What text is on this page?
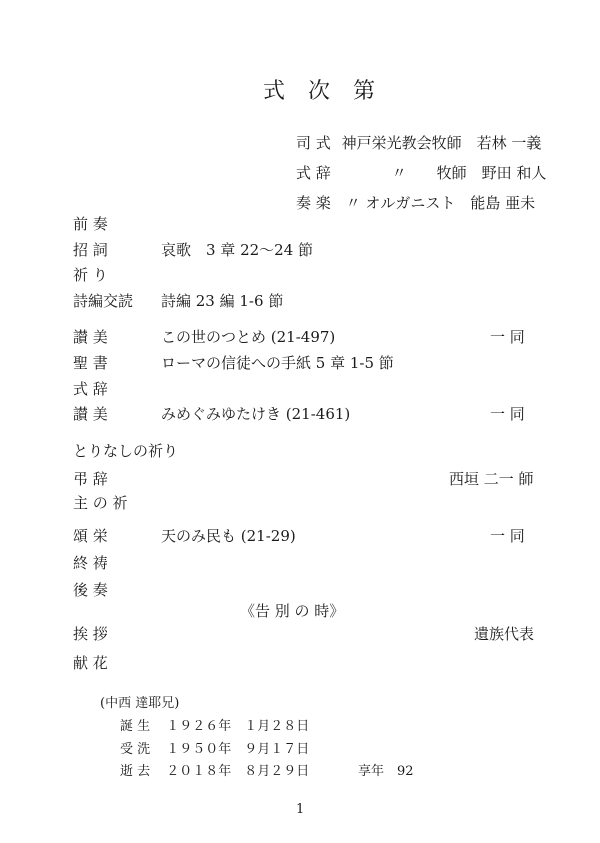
式 次 第
司 式 神戸栄光教会牧師　若林 一義
式 辞	〃　　牧師　野田 和人
奏 楽 〃 オルガニスト　能島 亜未
前 奏
招 詞	哀歌　3 章 22～24 節
祈 り
詩編交読 詩編 23 編 1-6 節
讃 美	この世のつとめ (21-497)	一 同
聖 書	ローマの信徒への手紙 5 章 1-5 節
式 辞
讃 美	みめぐみゆたけき (21-461)	一 同
とりなしの祈り
弔 辞	西垣 二一 師
主 の 祈
頌 栄	天のみ民も (21-29)	一 同
終 祷
後 奏
《告 別 の 時》
挨 拶	遺族代表
献 花
(中西 達耶兄)
誕 生 １９２６年　１月２８日
受 洗 １９５０年　９月１７日
逝 去 ２０１８年　８月２９日	享年　92
1
